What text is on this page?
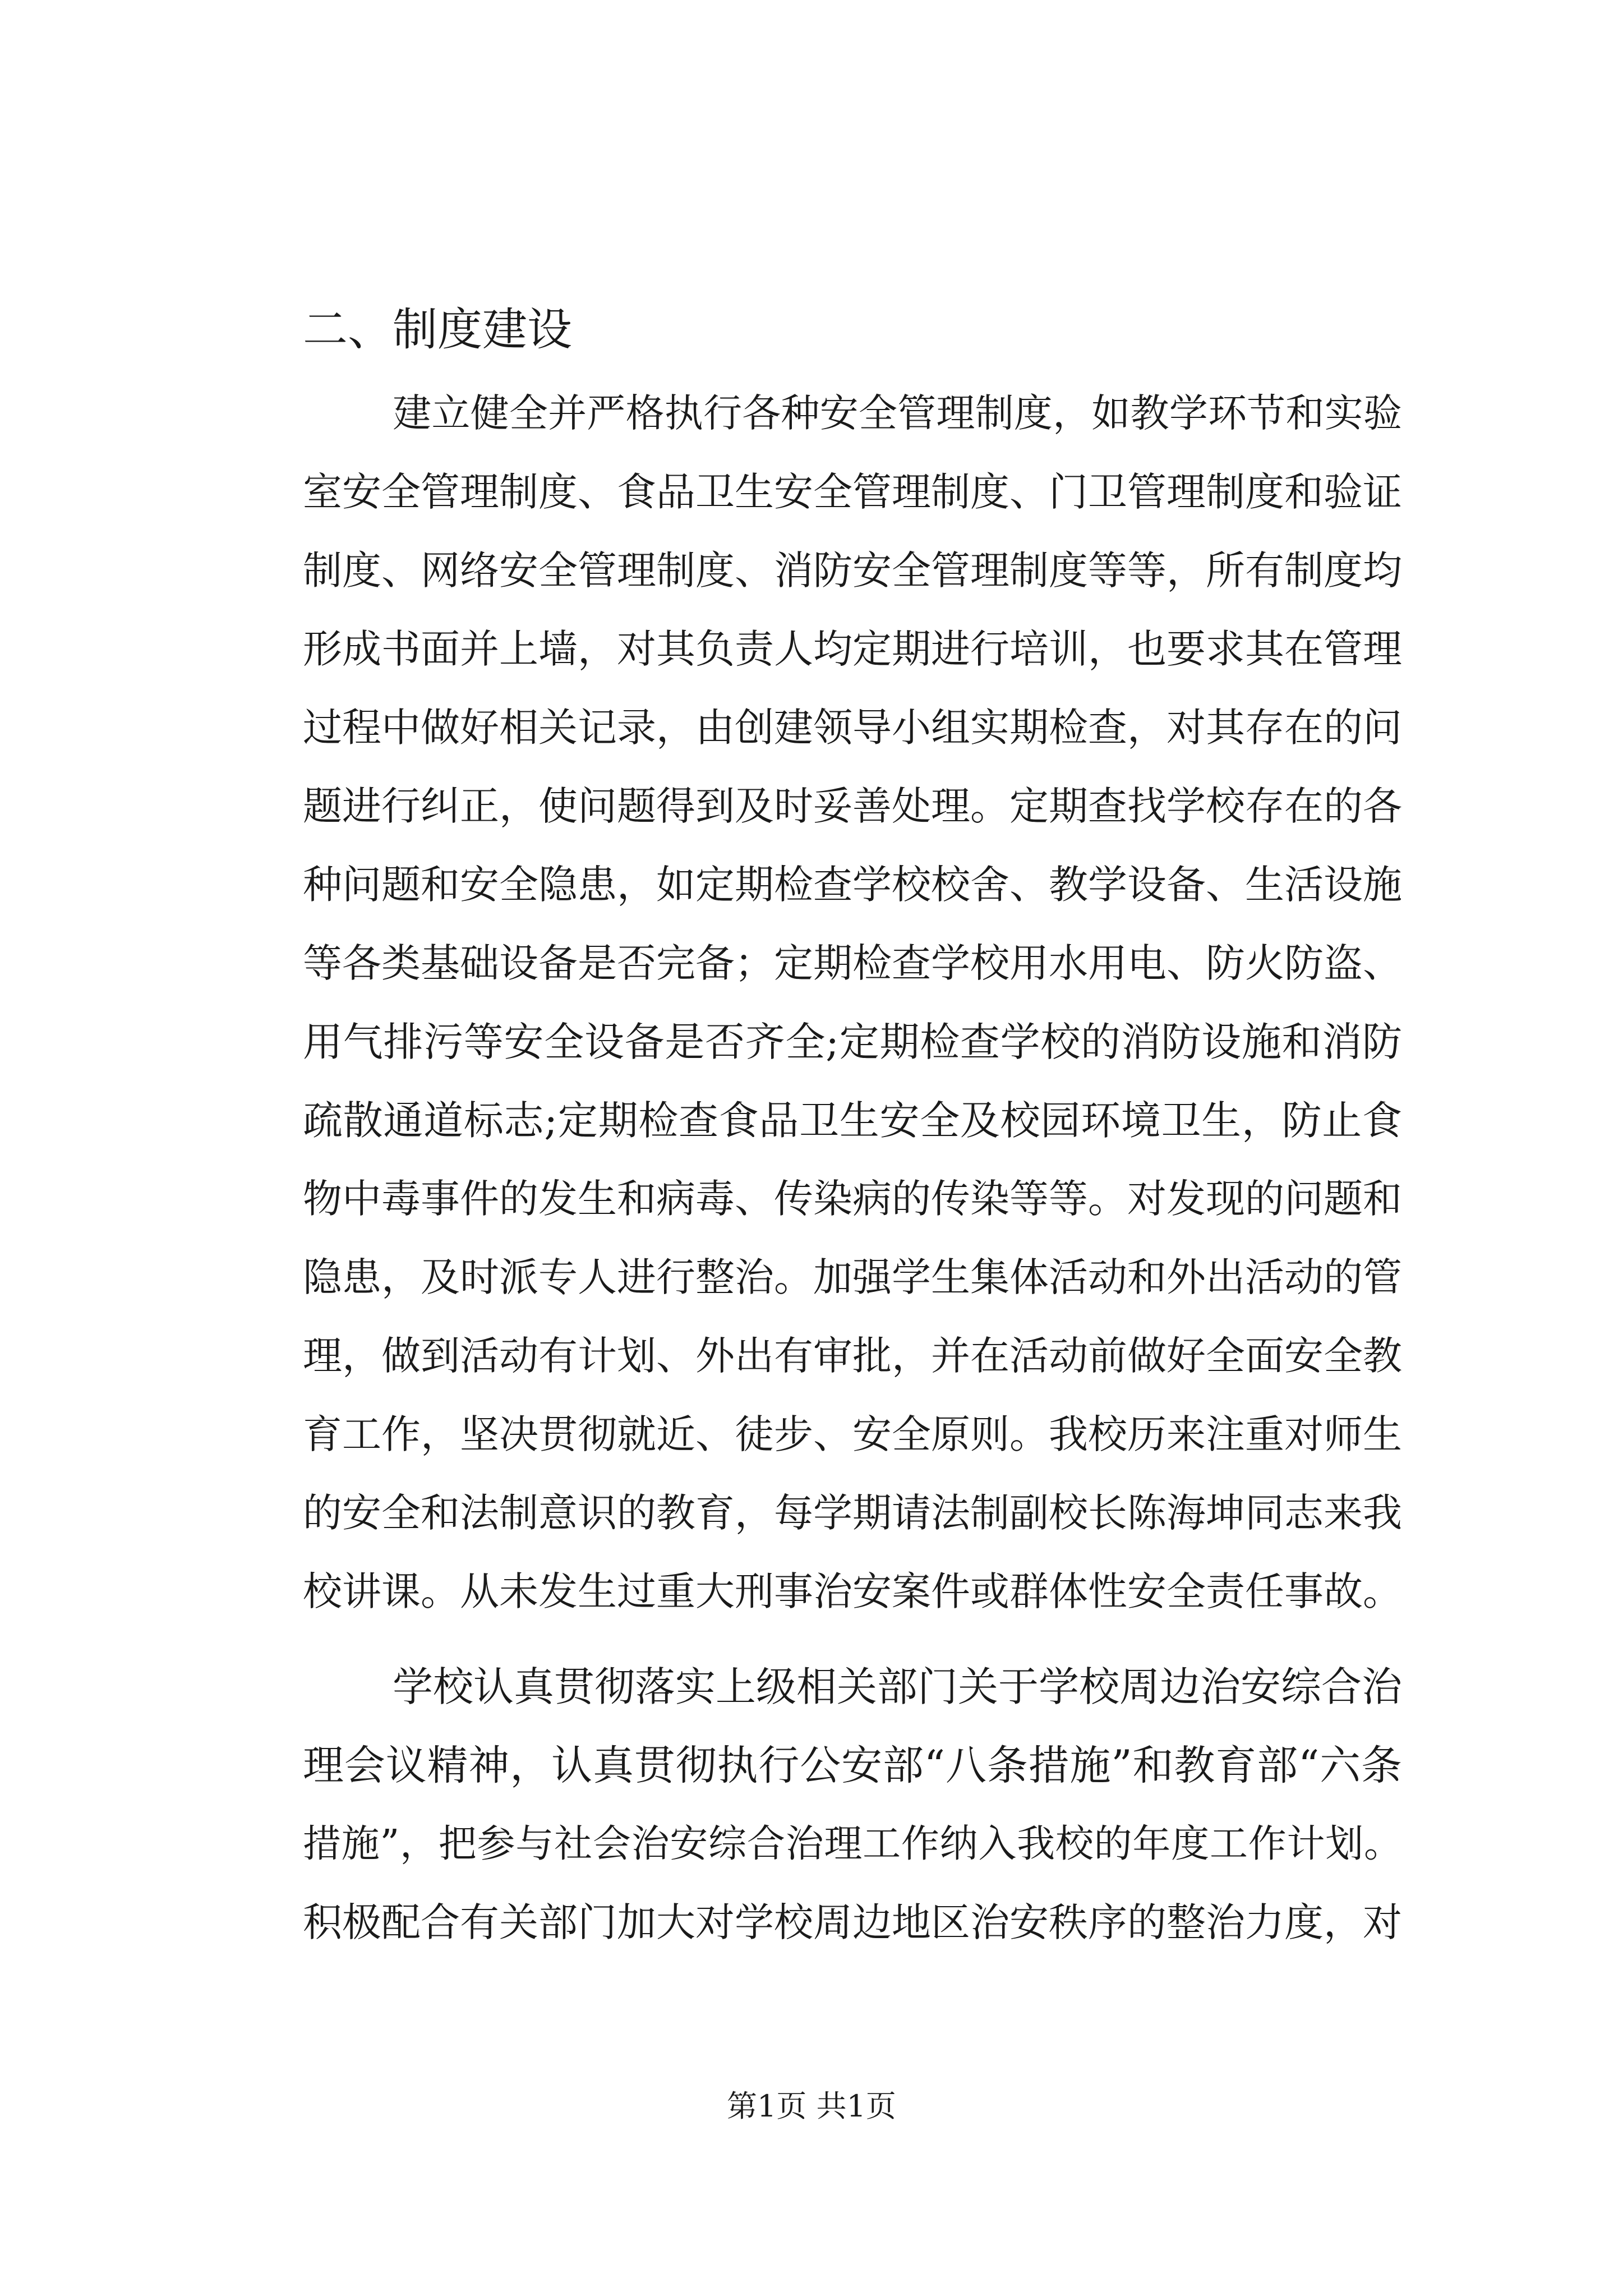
二、制度建设

建立健全并严格执行各种安全管理制度，如教学环节和实验

室安全管理制度、食品卫生安全管理制度、门卫管理制度和验证

制度、网络安全管理制度、消防安全管理制度等等，所有制度均

形成书面并上墙，对其负责人均定期进行培训，也要求其在管理

过程中做好相关记录，由创建领导小组实期检查，对其存在的问

题进行纠正，使问题得到及时妥善处理。定期查找学校存在的各

种问题和安全隐患，如定期检查学校校舍、教学设备、生活设施

等各类基础设备是否完备；定期检查学校用水用电、防火防盗、

用气排污等安全设备是否齐全;定期检查学校的消防设施和消防

疏散通道标志;定期检查食品卫生安全及校园环境卫生，防止食

物中毒事件的发生和病毒、传染病的传染等等。对发现的问题和

隐患，及时派专人进行整治。加强学生集体活动和外出活动的管

理，做到活动有计划、外出有审批，并在活动前做好全面安全教

育工作，坚决贯彻就近、徒步、安全原则。我校历来注重对师生

的安全和法制意识的教育，每学期请法制副校长陈海坤同志来我

校讲课。从未发生过重大刑事治安案件或群体性安全责任事故。

学校认真贯彻落实上级相关部门关于学校周边治安综合治

理会议精神，认真贯彻执行公安部“八条措施”和教育部“六条

措施”，把参与社会治安综合治理工作纳入我校的年度工作计划。

积极配合有关部门加大对学校周边地区治安秩序的整治力度，对

第1页 共1页
